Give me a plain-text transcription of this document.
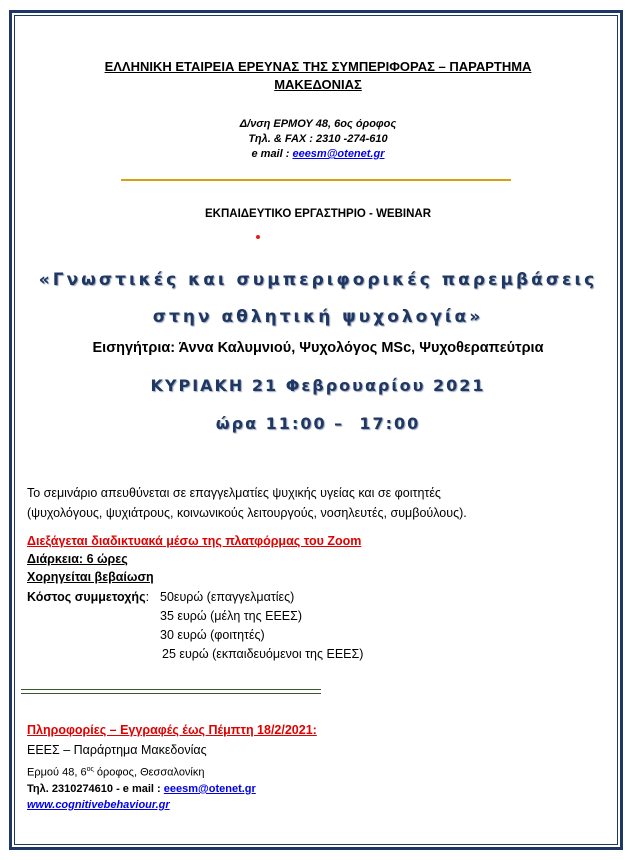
ΕΛΛΗΝΙΚΗ ΕΤΑΙΡΕΙΑ ΕΡΕΥΝΑΣ ΤΗΣ ΣΥΜΠΕΡΙΦΟΡΑΣ – ΠΑΡΑΡΤΗΜΑ
ΜΑΚΕΔΟΝΙΑΣ
Δ/νση ΕΡΜΟΥ 48, 6ος όροφος
Τηλ. & FAX : 2310 -274-610
e mail : eeesm@otenet.gr
ΕΚΠΑΙΔΕΥΤΙΚΟ ΕΡΓΑΣΤΗΡΙΟ - WEBINAR
«Γνωστικές και συμπεριφορικές παρεμβάσεις
στην αθλητική ψυχολογία»
Εισηγήτρια: Άννα Καλυμνιού, Ψυχολόγος MSc, Ψυχοθεραπεύτρια
ΚΥΡΙΑΚΗ 21 Φεβρουαρίου 2021
ώρα 11:00 –  17:00
Το σεμινάριο απευθύνεται σε επαγγελματίες ψυχικής υγείας και σε φοιτητές
(ψυχολόγους, ψυχιάτρους, κοινωνικούς λειτουργούς, νοσηλευτές, συμβούλους).
Διεξάγεται διαδικτυακά μέσω της πλατφόρμας του Zoom
Διάρκεια: 6 ώρες
Χορηγείται βεβαίωση
Κόστος συμμετοχής: 50ευρώ (επαγγελματίες)
35 ευρώ (μέλη της ΕΕΕΣ)
30 ευρώ (φοιτητές)
25 ευρώ (εκπαιδευόμενοι της ΕΕΕΣ)
Πληροφορίες – Εγγραφές έως Πέμπτη 18/2/2021:
ΕΕΕΣ – Παράρτημα Μακεδονίας
Ερμού 48, $6^{o\varsigma}$ όροφος, Θεσσαλονίκη
Τηλ. 2310274610 - e mail : eeesm@otenet.gr
www.cognitivebehaviour.gr
